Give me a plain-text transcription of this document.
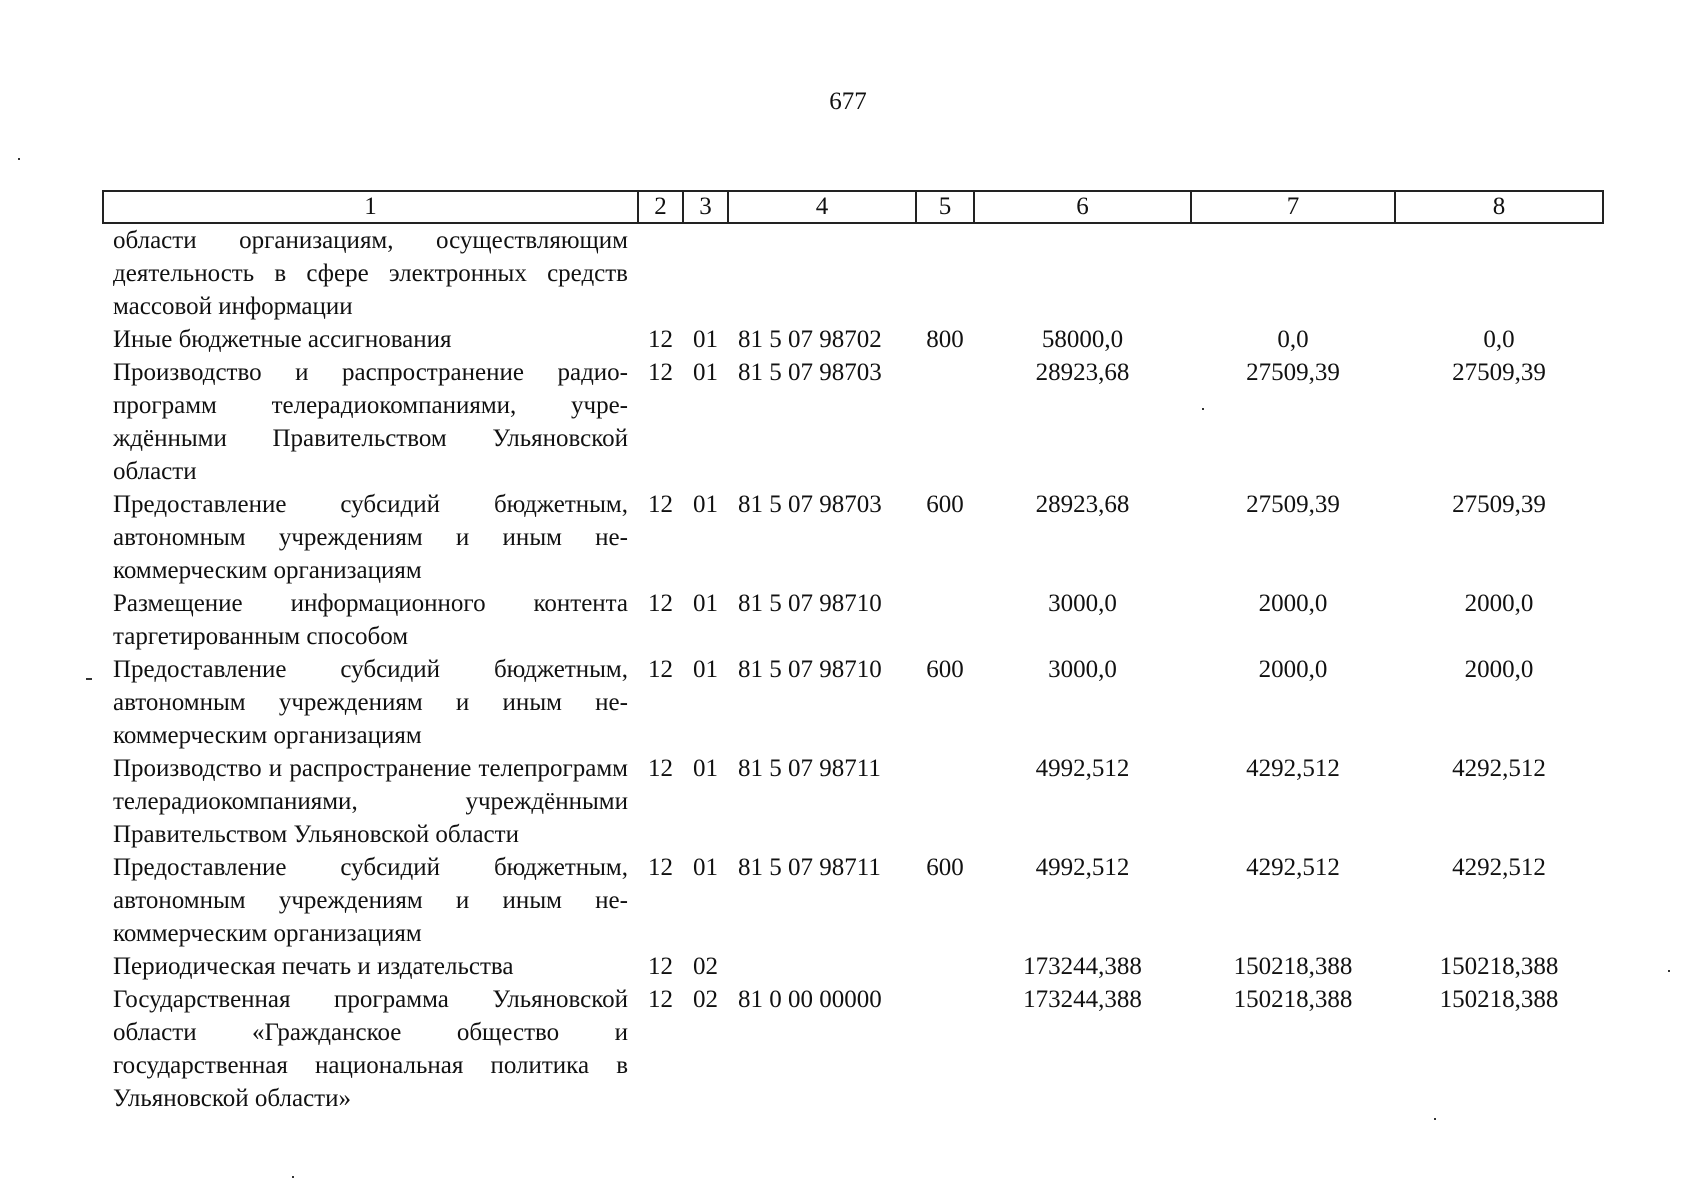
677
1	2	3	4	5	6	7	8
области организациям, осуществляющим деятельность в сфере электронных средств массовой информации							
Иные бюджетные ассигнования	12	01	81 5 07 98702	800	58000,0	0,0	0,0
Производство и распространение радиопрограмм телерадиокомпаниями, учреждёнными Правительством Ульяновской области	12	01	81 5 07 98703		28923,68	27509,39	27509,39
Предоставление субсидий бюджетным, автономным учреждениям и иным некоммерческим организациям	12	01	81 5 07 98703	600	28923,68	27509,39	27509,39
Размещение информационного контента таргетированным способом	12	01	81 5 07 98710		3000,0	2000,0	2000,0
Предоставление субсидий бюджетным, автономным учреждениям и иным некоммерческим организациям	12	01	81 5 07 98710	600	3000,0	2000,0	2000,0
Производство и распространение телепрограмм телерадиокомпаниями, учреждёнными Правительством Ульяновской области	12	01	81 5 07 98711		4992,512	4292,512	4292,512
Предоставление субсидий бюджетным, автономным учреждениям и иным некоммерческим организациям	12	01	81 5 07 98711	600	4992,512	4292,512	4292,512
Периодическая печать и издательства	12	02			173244,388	150218,388	150218,388
Государственная программа Ульяновской области «Гражданское общество и государственная национальная политика в Ульяновской области»	12	02	81 0 00 00000		173244,388	150218,388	150218,388
